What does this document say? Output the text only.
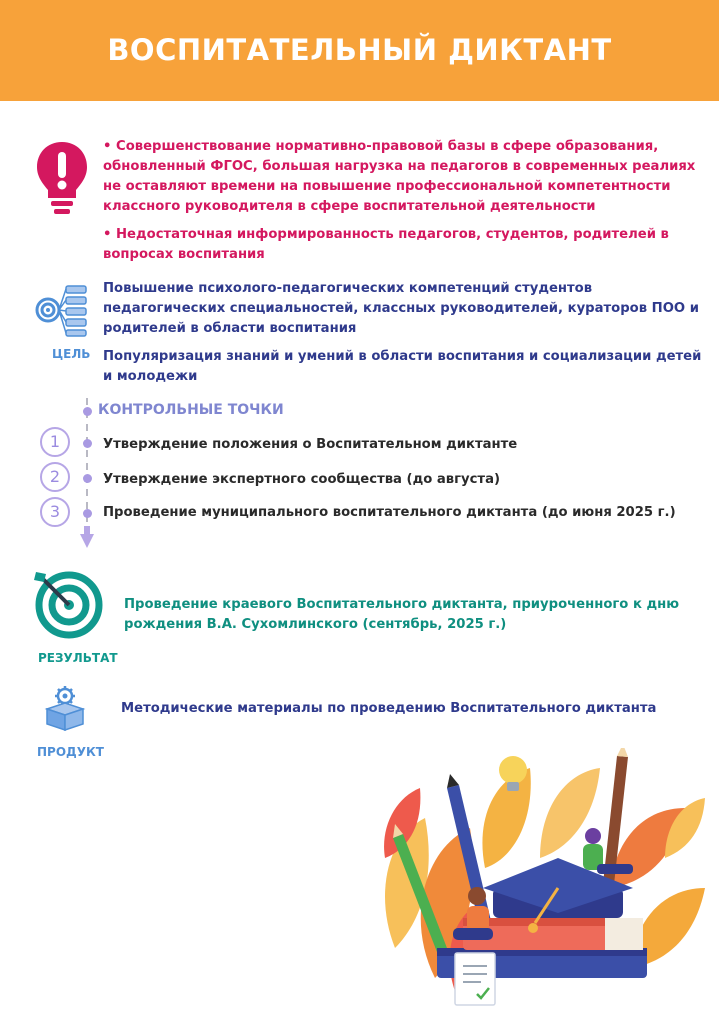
ВОСПИТАТЕЛЬНЫЙ ДИКТАНТ

• Совершенствование нормативно-правовой базы в сфере образования, обновленный ФГОС, большая нагрузка на педагогов в современных реалиях не оставляют времени на повышение профессиональной компетентности классного руководителя в сфере воспитательной деятельности

• Недостаточная информированность педагогов, студентов, родителей в вопросах воспитания

ЦЕЛЬ

Повышение психолого-педагогических компетенций студентов педагогических специальностей, классных руководителей, кураторов ПОО и родителей в области воспитания

Популяризация знаний и умений в области воспитания и социализации детей и молодежи

КОНТРОЛЬНЫЕ ТОЧКИ
1	Утверждение положения о Воспитательном диктанте
2	Утверждение экспертного сообщества (до августа)
3	Проведение муниципального воспитательного диктанта (до июня 2025 г.)
РЕЗУЛЬТАТ
Проведение краевого Воспитательного диктанта, приуроченного к дню рождения В.А. Сухомлинского (сентябрь, 2025 г.)
ПРОДУКТ
Методические материалы по проведению Воспитательного диктанта
